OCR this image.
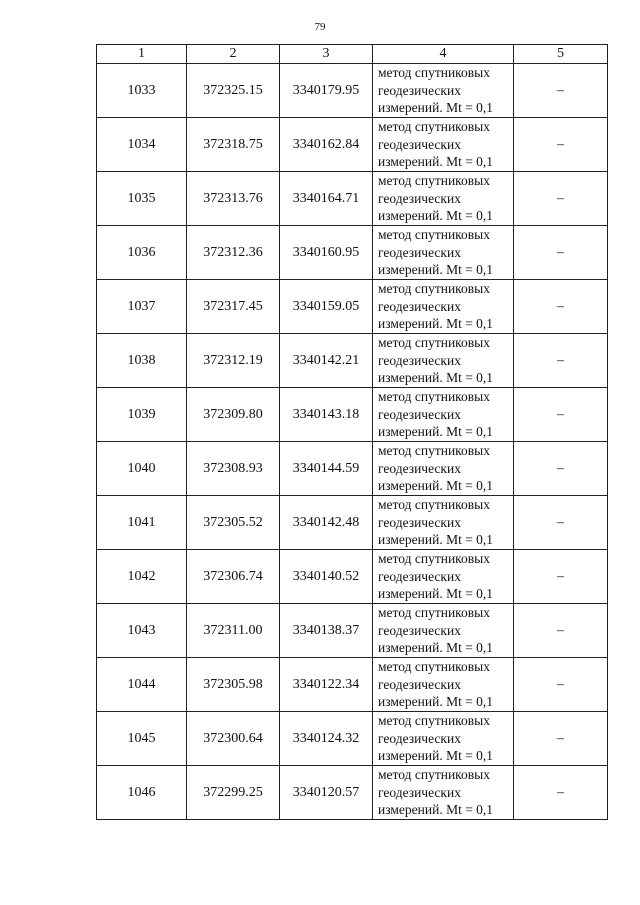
79
1	2	3	4	5
1033	372325.15	3340179.95	метод спутниковых
геодезических
измерений. Mt = 0,1	–
1034	372318.75	3340162.84	метод спутниковых
геодезических
измерений. Mt = 0,1	–
1035	372313.76	3340164.71	метод спутниковых
геодезических
измерений. Mt = 0,1	–
1036	372312.36	3340160.95	метод спутниковых
геодезических
измерений. Mt = 0,1	–
1037	372317.45	3340159.05	метод спутниковых
геодезических
измерений. Mt = 0,1	–
1038	372312.19	3340142.21	метод спутниковых
геодезических
измерений. Mt = 0,1	–
1039	372309.80	3340143.18	метод спутниковых
геодезических
измерений. Mt = 0,1	–
1040	372308.93	3340144.59	метод спутниковых
геодезических
измерений. Mt = 0,1	–
1041	372305.52	3340142.48	метод спутниковых
геодезических
измерений. Mt = 0,1	–
1042	372306.74	3340140.52	метод спутниковых
геодезических
измерений. Mt = 0,1	–
1043	372311.00	3340138.37	метод спутниковых
геодезических
измерений. Mt = 0,1	–
1044	372305.98	3340122.34	метод спутниковых
геодезических
измерений. Mt = 0,1	–
1045	372300.64	3340124.32	метод спутниковых
геодезических
измерений. Mt = 0,1	–
1046	372299.25	3340120.57	метод спутниковых
геодезических
измерений. Mt = 0,1	–
